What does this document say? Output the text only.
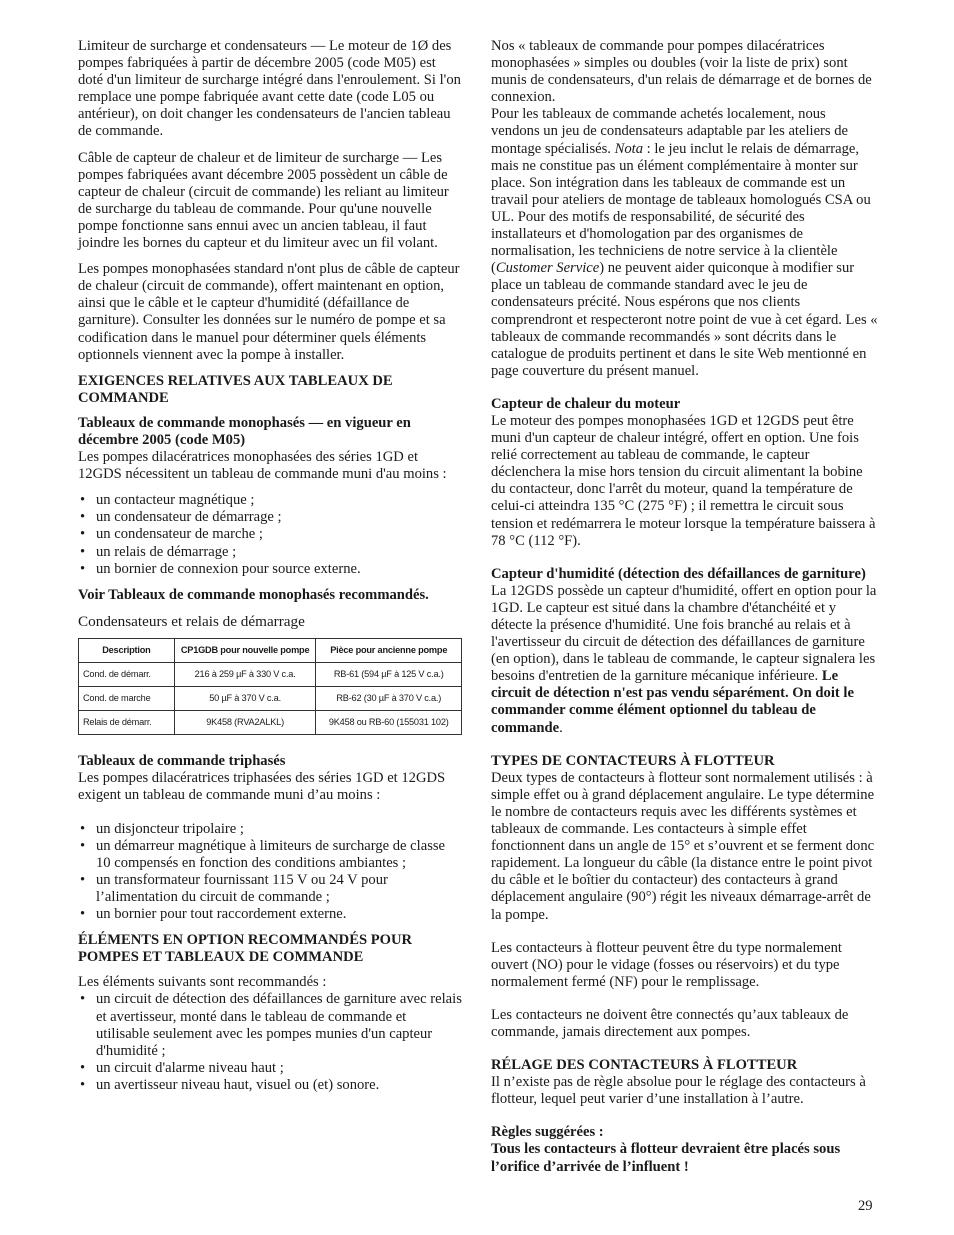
Limiteur de surcharge et condensateurs — Le moteur de 1Ø des pompes fabriquées à partir de décembre 2005 (code M05) est doté d'un limiteur de surcharge intégré dans l'enroulement. Si l'on remplace une pompe fabriquée avant cette date (code L05 ou antérieur), on doit changer les condensateurs de l'ancien tableau de commande.

Câble de capteur de chaleur et de limiteur de surcharge — Les pompes fabriquées avant décembre 2005 possèdent un câble de capteur de chaleur (circuit de commande) les reliant au limiteur de surcharge du tableau de commande. Pour qu'une nouvelle pompe fonctionne sans ennui avec un ancien tableau, il faut joindre les bornes du capteur et du limiteur avec un fil volant.

Les pompes monophasées standard n'ont plus de câble de capteur de chaleur (circuit de commande), offert maintenant en option, ainsi que le câble et le capteur d'humidité (défaillance de garniture). Consulter les données sur le numéro de pompe et sa codification dans le manuel pour déterminer quels éléments optionnels viennent avec la pompe à installer.

EXIGENCES RELATIVES AUX TABLEAUX DE COMMANDE
Tableaux de commande monophasés — en vigueur en décembre 2005 (code M05)

Les pompes dilacératrices monophasées des séries 1GD et 12GDS nécessitent un tableau de commande muni d'au moins :

• un contacteur magnétique ;
• un condensateur de démarrage ;
• un condensateur de marche ;
• un relais de démarrage ;
• un bornier de connexion pour source externe.

Voir Tableaux de commande monophasés recommandés.

Condensateurs et relais de démarrage
Description	CP1GDB pour nouvelle pompe	Pièce pour ancienne pompe
Cond. de démarr.	216 à 259 µF à 330 V c.a.	RB-61 (594 µF à 125 V c.a.)
Cond. de marche	50 µF à 370 V c.a.	RB-62 (30 µF à 370 V c.a.)
Relais de démarr.	9K458 (RVA2ALKL)	9K458 ou RB-60 (155031 102)
Tableaux de commande triphasés

Les pompes dilacératrices triphasées des séries 1GD et 12GDS exigent un tableau de commande muni d’au moins :

• un disjoncteur tripolaire ;
• un démarreur magnétique à limiteurs de surcharge de classe 10 compensés en fonction des conditions ambiantes ;
• un transformateur fournissant 115 V ou 24 V pour l’alimentation du circuit de commande ;
• un bornier pour tout raccordement externe.
ÉLÉMENTS EN OPTION RECOMMANDÉS POUR POMPES ET TABLEAUX DE COMMANDE

Les éléments suivants sont recommandés :

• un circuit de détection des défaillances de garniture avec relais et avertisseur, monté dans le tableau de commande et utilisable seulement avec les pompes munies d'un capteur d'humidité ;
• un circuit d'alarme niveau haut ;
• un avertisseur niveau haut, visuel ou (et) sonore.

Nos « tableaux de commande pour pompes dilacératrices monophasées » simples ou doubles (voir la liste de prix) sont munis de condensateurs, d'un relais de démarrage et de bornes de connexion.

Pour les tableaux de commande achetés localement, nous vendons un jeu de condensateurs adaptable par les ateliers de montage spécialisés. Nota : le jeu inclut le relais de démarrage, mais ne constitue pas un élément complémentaire à monter sur place. Son intégration dans les tableaux de commande est un travail pour ateliers de montage de tableaux homologués CSA ou UL. Pour des motifs de responsabilité, de sécurité des installateurs et d'homologation par des organismes de normalisation, les techniciens de notre service à la clientèle (Customer Service) ne peuvent aider quiconque à modifier sur place un tableau de commande standard avec le jeu de condensateurs précité. Nous espérons que nos clients comprendront et respecteront notre point de vue à cet égard. Les « tableaux de commande recommandés » sont décrits dans le catalogue de produits pertinent et dans le site Web mentionné en page couverture du présent manuel.

Capteur de chaleur du moteur

Le moteur des pompes monophasées 1GD et 12GDS peut être muni d'un capteur de chaleur intégré, offert en option. Une fois relié correctement au tableau de commande, le capteur déclenchera la mise hors tension du circuit alimentant la bobine du contacteur, donc l'arrêt du moteur, quand la température de celui-ci atteindra 135 °C (275 °F) ; il remettra le circuit sous tension et redémarrera le moteur lorsque la température baissera à 78 °C (112 °F).

Capteur d'humidité (détection des défaillances de garniture)

La 12GDS possède un capteur d'humidité, offert en option pour la 1GD. Le capteur est situé dans la chambre d'étanchéité et y détecte la présence d'humidité. Une fois branché au relais et à l'avertisseur du circuit de détection des défaillances de garniture (en option), dans le tableau de commande, le capteur signalera les besoins d'entretien de la garniture mécanique inférieure. Le circuit de détection n'est pas vendu séparément. On doit le commander comme élément optionnel du tableau de commande.

TYPES DE CONTACTEURS À FLOTTEUR

Deux types de contacteurs à flotteur sont normalement utilisés : à simple effet ou à grand déplacement angulaire. Le type détermine le nombre de contacteurs requis avec les différents systèmes et tableaux de commande. Les contacteurs à simple effet fonctionnent dans un angle de 15° et s’ouvrent et se ferment donc rapidement. La longueur du câble (la distance entre le point pivot du câble et le boîtier du contacteur) des contacteurs à grand déplacement angulaire (90°) régit les niveaux démarrage-arrêt de la pompe.

Les contacteurs à flotteur peuvent être du type normalement ouvert (NO) pour le vidage (fosses ou réservoirs) et du type normalement fermé (NF) pour le remplissage.

Les contacteurs ne doivent être connectés qu’aux tableaux de commande, jamais directement aux pompes.

RÉLAGE DES CONTACTEURS À FLOTTEUR

Il n’existe pas de règle absolue pour le réglage des contacteurs à flotteur, lequel peut varier d’une installation à l’autre.

Règles suggérées :

Tous les contacteurs à flotteur devraient être placés sous l’orifice d’arrivée de l’influent !

29
